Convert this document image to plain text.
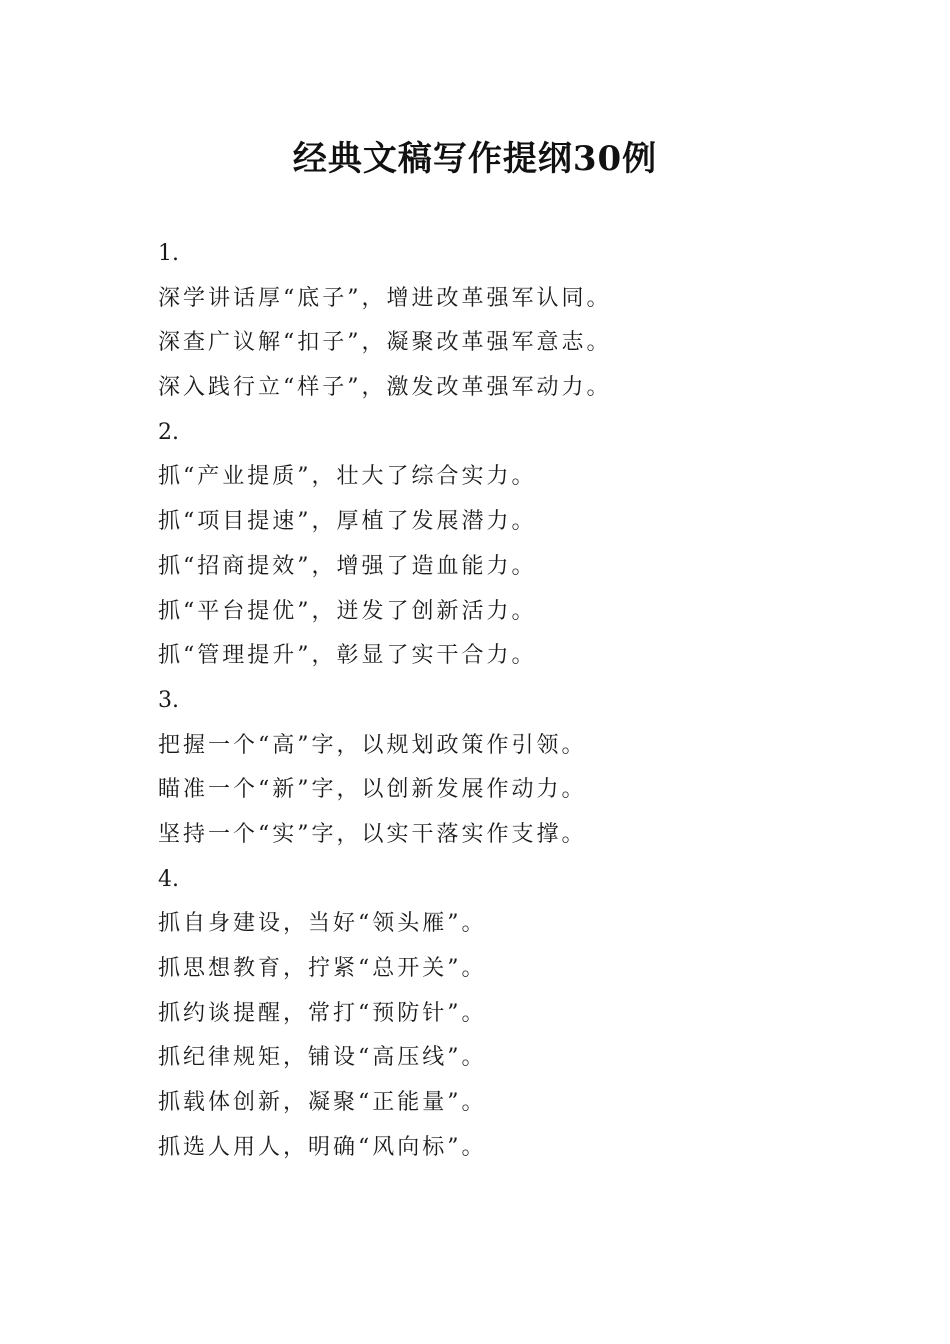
经典文稿写作提纲30例
1.
深学讲话厚“底子”，增进改革强军认同。
深查广议解“扣子”，凝聚改革强军意志。
深入践行立“样子”，激发改革强军动力。
2.
抓“产业提质”，壮大了综合实力。
抓“项目提速”，厚植了发展潜力。
抓“招商提效”，增强了造血能力。
抓“平台提优”，迸发了创新活力。
抓“管理提升”，彰显了实干合力。
3.
把握一个“高”字，以规划政策作引领。
瞄准一个“新”字，以创新发展作动力。
坚持一个“实”字，以实干落实作支撑。
4.
抓自身建设，当好“领头雁”。
抓思想教育，拧紧“总开关”。
抓约谈提醒，常打“预防针”。
抓纪律规矩，铺设“高压线”。
抓载体创新，凝聚“正能量”。
抓选人用人，明确“风向标”。
